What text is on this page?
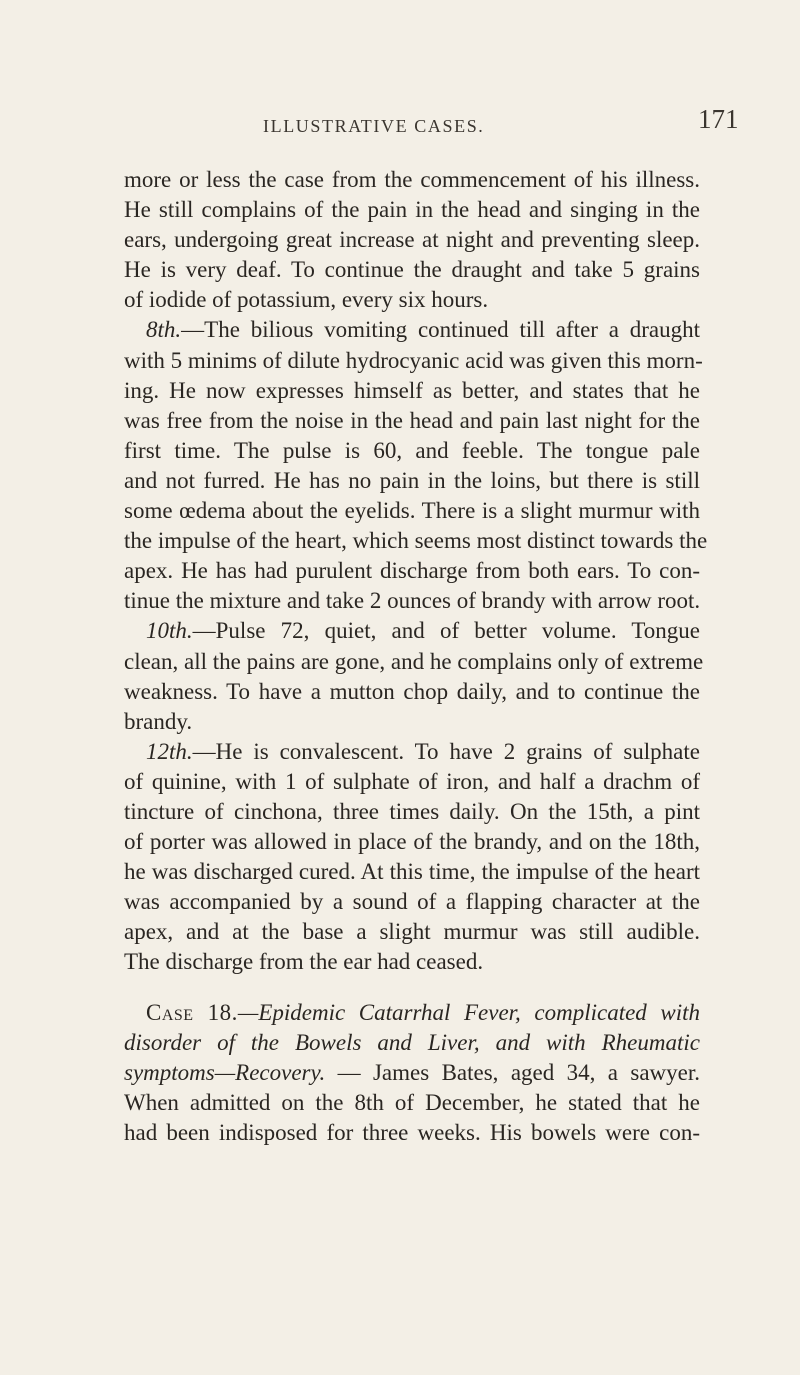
ILLUSTRATIVE CASES.	171
more or less the case from the commencement of his illness.
He still complains of the pain in the head and singing in the
ears, undergoing great increase at night and preventing sleep.
He is very deaf. To continue the draught and take 5 grains
of iodide of potassium, every six hours.
8th.—The bilious vomiting continued till after a draught
with 5 minims of dilute hydrocyanic acid was given this morn-
ing. He now expresses himself as better, and states that he
was free from the noise in the head and pain last night for the
first time. The pulse is 60, and feeble. The tongue pale
and not furred. He has no pain in the loins, but there is still
some œdema about the eyelids. There is a slight murmur with
the impulse of the heart, which seems most distinct towards the
apex. He has had purulent discharge from both ears. To con-
tinue the mixture and take 2 ounces of brandy with arrow root.
10th.—Pulse 72, quiet, and of better volume. Tongue
clean, all the pains are gone, and he complains only of extreme
weakness. To have a mutton chop daily, and to continue the
brandy.
12th.—He is convalescent. To have 2 grains of sulphate
of quinine, with 1 of sulphate of iron, and half a drachm of
tincture of cinchona, three times daily. On the 15th, a pint
of porter was allowed in place of the brandy, and on the 18th,
he was discharged cured. At this time, the impulse of the heart
was accompanied by a sound of a flapping character at the
apex, and at the base a slight murmur was still audible.
The discharge from the ear had ceased.
Case 18.—Epidemic Catarrhal Fever, complicated with
disorder of the Bowels and Liver, and with Rheumatic
symptoms—Recovery. — James Bates, aged 34, a sawyer.
When admitted on the 8th of December, he stated that he
had been indisposed for three weeks. His bowels were con-
